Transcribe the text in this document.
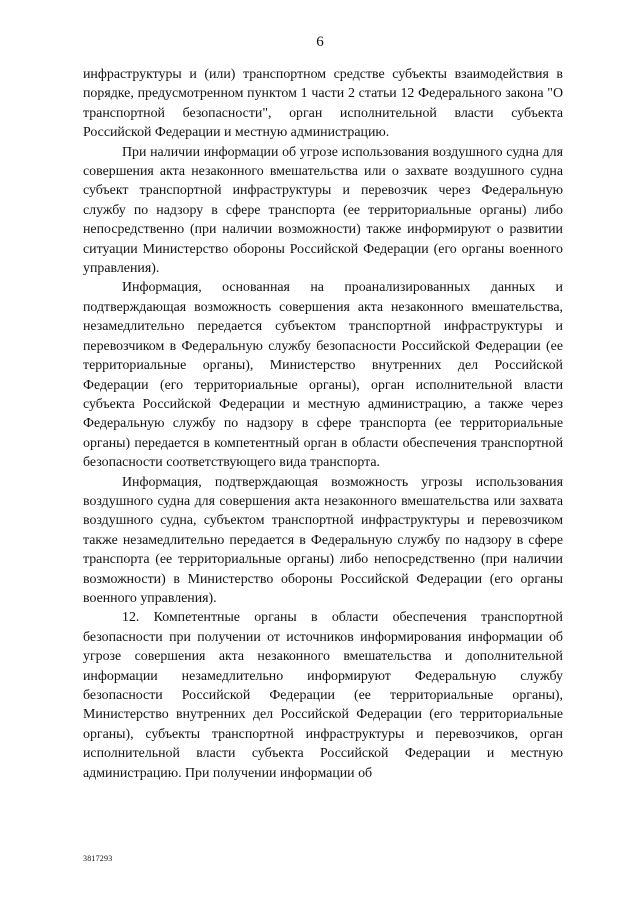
6

инфраструктуры и (или) транспортном средстве субъекты взаимодействия в порядке, предусмотренном пунктом 1 части 2 статьи 12 Федерального закона "О транспортной безопасности", орган исполнительной власти субъекта Российской Федерации и местную администрацию.

При наличии информации об угрозе использования воздушного судна для совершения акта незаконного вмешательства или о захвате воздушного судна субъект транспортной инфраструктуры и перевозчик через Федеральную службу по надзору в сфере транспорта (ее территориальные органы) либо непосредственно (при наличии возможности) также информируют о развитии ситуации Министерство обороны Российской Федерации (его органы военного управления).

Информация, основанная на проанализированных данных и подтверждающая возможность совершения акта незаконного вмешательства, незамедлительно передается субъектом транспортной инфраструктуры и перевозчиком в Федеральную службу безопасности Российской Федерации (ее территориальные органы), Министерство внутренних дел Российской Федерации (его территориальные органы), орган исполнительной власти субъекта Российской Федерации и местную администрацию, а также через Федеральную службу по надзору в сфере транспорта (ее территориальные органы) передается в компетентный орган в области обеспечения транспортной безопасности соответствующего вида транспорта.

Информация, подтверждающая возможность угрозы использования воздушного судна для совершения акта незаконного вмешательства или захвата воздушного судна, субъектом транспортной инфраструктуры и перевозчиком также незамедлительно передается в Федеральную службу по надзору в сфере транспорта (ее территориальные органы) либо непосредственно (при наличии возможности) в Министерство обороны Российской Федерации (его органы военного управления).

12. Компетентные органы в области обеспечения транспортной безопасности при получении от источников информирования информации об угрозе совершения акта незаконного вмешательства и дополнительной информации незамедлительно информируют Федеральную службу безопасности Российской Федерации (ее территориальные органы), Министерство внутренних дел Российской Федерации (его территориальные органы), субъекты транспортной инфраструктуры и перевозчиков, орган исполнительной власти субъекта Российской Федерации и местную администрацию. При получении информации об

3817293
